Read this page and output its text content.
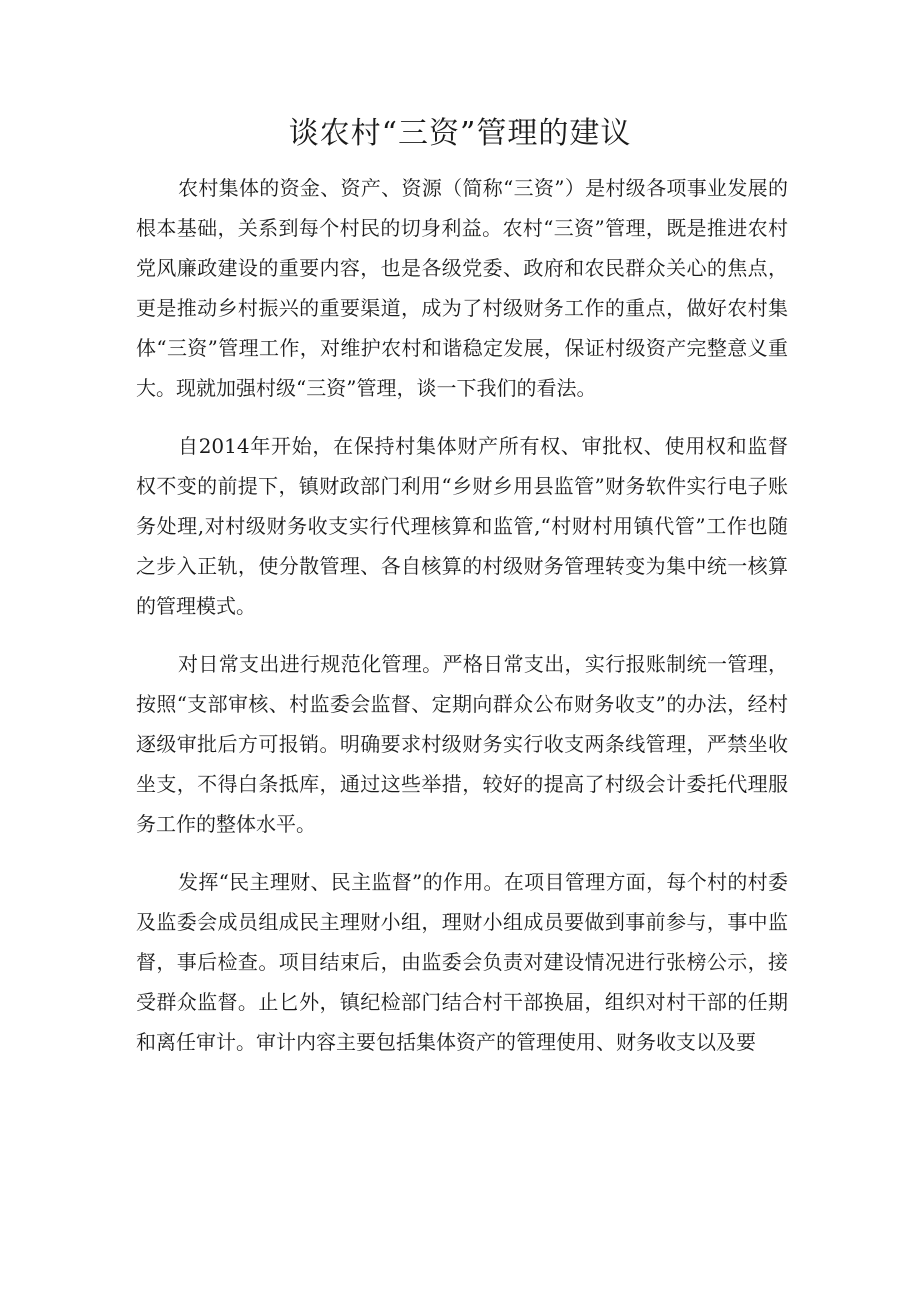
谈农村“三资”管理的建议

农村集体的资金、资产、资源（简称“三资”）是村级各项事业发展的根本基础，关系到每个村民的切身利益。农村“三资”管理，既是推进农村党风廉政建设的重要内容，也是各级党委、政府和农民群众关心的焦点，更是推动乡村振兴的重要渠道，成为了村级财务工作的重点，做好农村集体“三资”管理工作，对维护农村和谐稳定发展，保证村级资产完整意义重大。现就加强村级“三资”管理，谈一下我们的看法。

自2014年开始，在保持村集体财产所有权、审批权、使用权和监督权不变的前提下，镇财政部门利用“乡财乡用县监管”财务软件实行电子账务处理,对村级财务收支实行代理核算和监管,“村财村用镇代管”工作也随之步入正轨，使分散管理、各自核算的村级财务管理转变为集中统一核算的管理模式。

对日常支出进行规范化管理。严格日常支出，实行报账制统一管理，按照“支部审核、村监委会监督、定期向群众公布财务收支”的办法，经村逐级审批后方可报销。明确要求村级财务实行收支两条线管理，严禁坐收坐支，不得白条抵库，通过这些举措，较好的提高了村级会计委托代理服务工作的整体水平。

发挥“民主理财、民主监督”的作用。在项目管理方面，每个村的村委及监委会成员组成民主理财小组，理财小组成员要做到事前参与，事中监督，事后检查。项目结束后，由监委会负责对建设情况进行张榜公示，接受群众监督。止匕外，镇纪检部门结合村干部换届，组织对村干部的任期和离任审计。审计内容主要包括集体资产的管理使用、财务收支以及要
